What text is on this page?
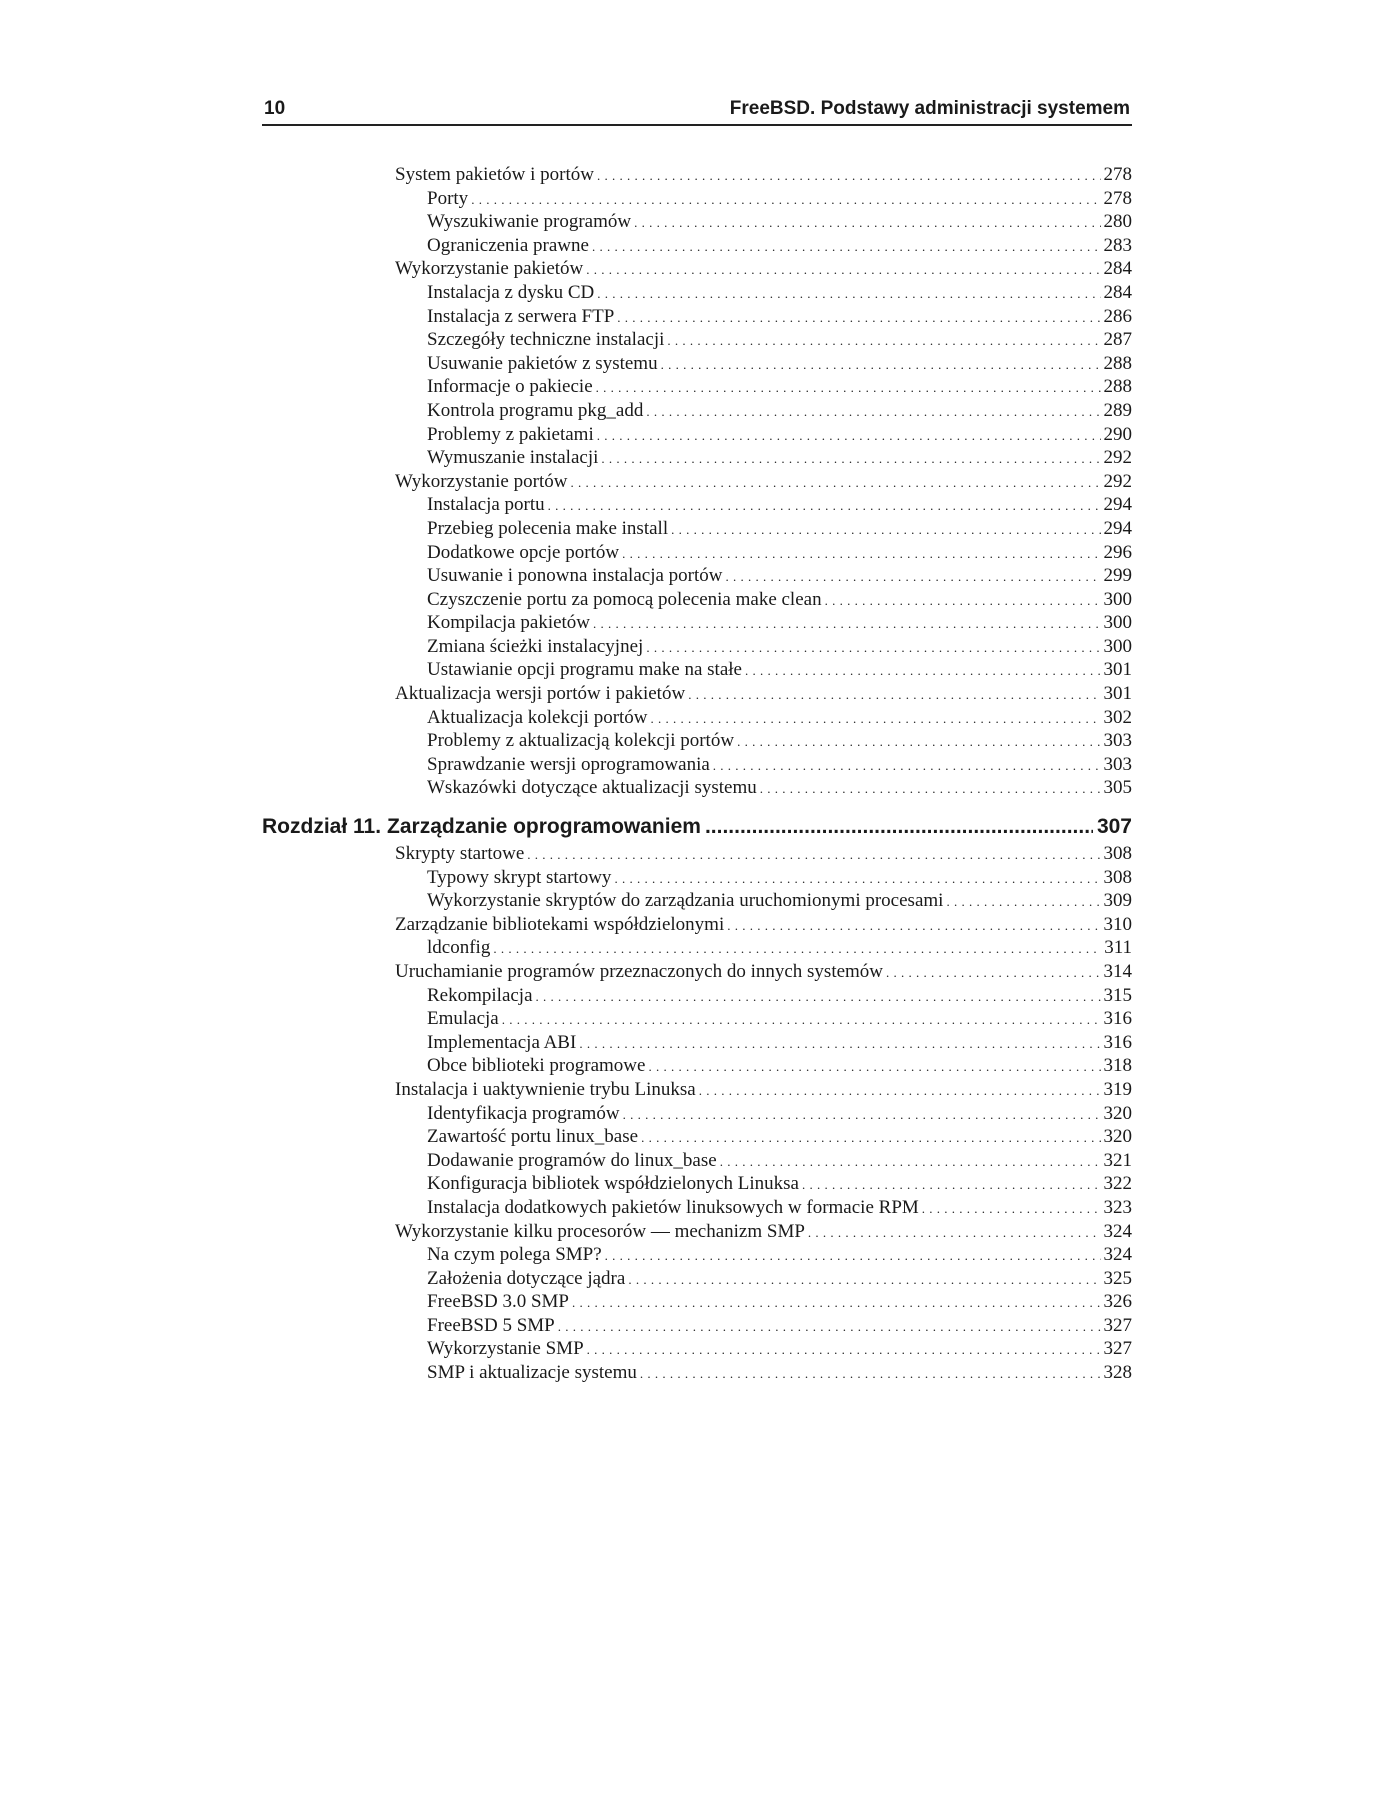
10	FreeBSD. Podstawy administracji systemem
System pakietów i portów . . .	278
Porty . . .	278
Wyszukiwanie programów . . .	280
Ograniczenia prawne . . .	283
Wykorzystanie pakietów . . .	284
Instalacja z dysku CD . . .	284
Instalacja z serwera FTP . . .	286
Szczegóły techniczne instalacji . . .	287
Usuwanie pakietów z systemu . . .	288
Informacje o pakiecie . . .	288
Kontrola programu pkg_add . . .	289
Problemy z pakietami . . .	290
Wymuszanie instalacji . . .	292
Wykorzystanie portów . . .	292
Instalacja portu . . .	294
Przebieg polecenia make install . . .	294
Dodatkowe opcje portów . . .	296
Usuwanie i ponowna instalacja portów . . .	299
Czyszczenie portu za pomocą polecenia make clean . . .	300
Kompilacja pakietów . . .	300
Zmiana ścieżki instalacyjnej . . .	300
Ustawianie opcji programu make na stałe . . .	301
Aktualizacja wersji portów i pakietów . . .	301
Aktualizacja kolekcji portów . . .	302
Problemy z aktualizacją kolekcji portów . . .	303
Sprawdzanie wersji oprogramowania . . .	303
Wskazówki dotyczące aktualizacji systemu . . .	305
Rozdział 11. Zarządzanie oprogramowaniem .....	307
Skrypty startowe . . .	308
Typowy skrypt startowy . . .	308
Wykorzystanie skryptów do zarządzania uruchomionymi procesami . . .	309
Zarządzanie bibliotekami współdzielonymi . . .	310
ldconfig . . .	311
Uruchamianie programów przeznaczonych do innych systemów . . .	314
Rekompilacja . . .	315
Emulacja . . .	316
Implementacja ABI . . .	316
Obce biblioteki programowe . . .	318
Instalacja i uaktywnienie trybu Linuksa . . .	319
Identyfikacja programów . . .	320
Zawartość portu linux_base . . .	320
Dodawanie programów do linux_base . . .	321
Konfiguracja bibliotek współdzielonych Linuksa . . .	322
Instalacja dodatkowych pakietów linuksowych w formacie RPM . . .	323
Wykorzystanie kilku procesorów — mechanizm SMP . . .	324
Na czym polega SMP? . . .	324
Założenia dotyczące jądra . . .	325
FreeBSD 3.0 SMP . . .	326
FreeBSD 5 SMP . . .	327
Wykorzystanie SMP . . .	327
SMP i aktualizacje systemu . . .	328
